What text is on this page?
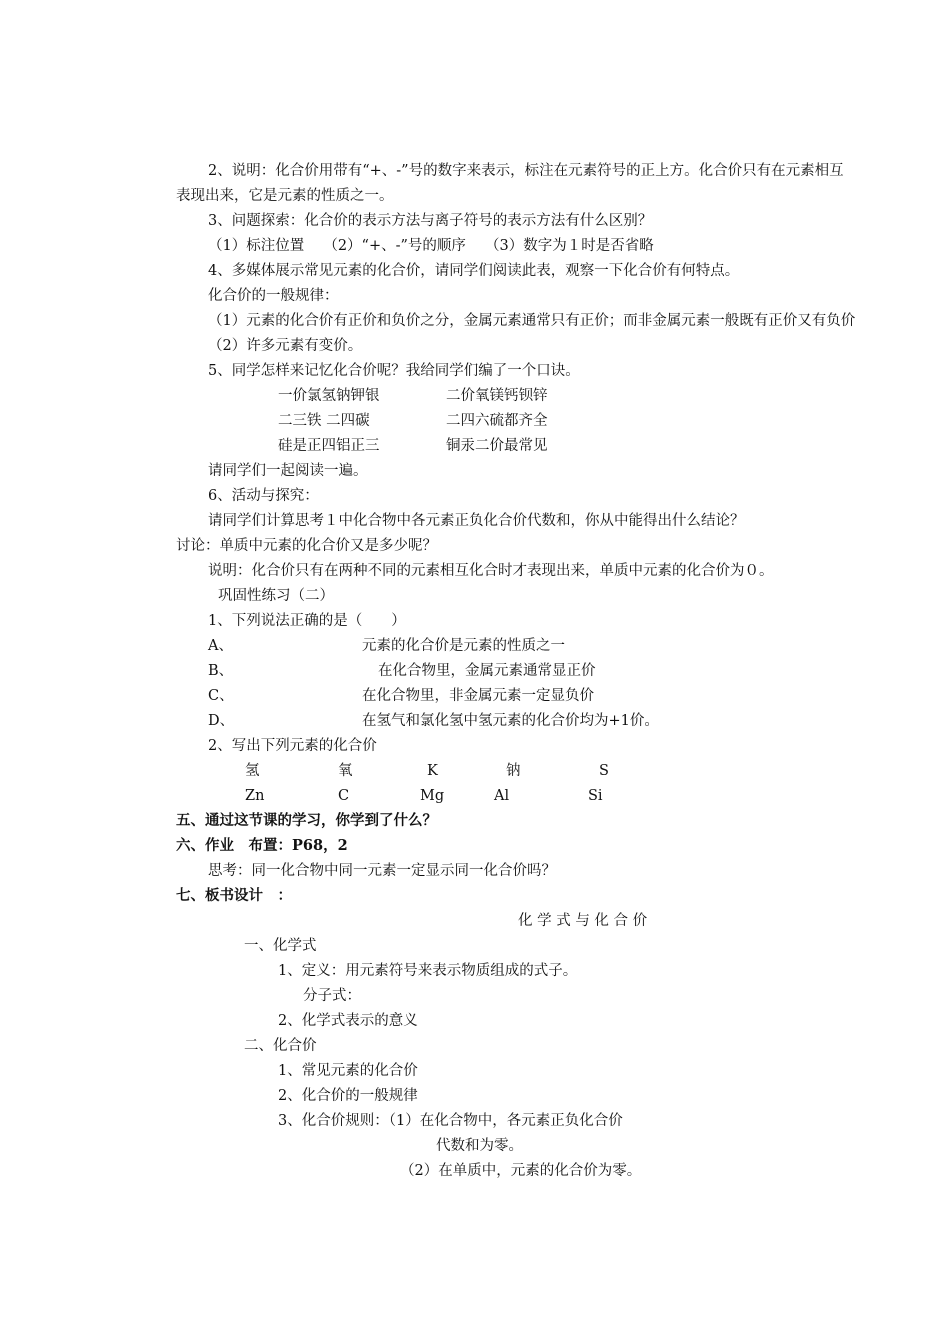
2、说明：化合价用带有“+、-”号的数字来表示，标注在元素符号的正上方。化合价只有在元素相互
表现出来，它是元素的性质之一。
3、问题探索：化合价的表示方法与离子符号的表示方法有什么区别？
（1）标注位置　 （2）“+、-”号的顺序　 （3）数字为１时是否省略
4、多媒体展示常见元素的化合价，请同学们阅读此表，观察一下化合价有何特点。
化合价的一般规律：
（1）元素的化合价有正价和负价之分，金属元素通常只有正价；而非金属元素一般既有正价又有负价
（2）许多元素有变价。
5、同学怎样来记忆化合价呢？我给同学们编了一个口诀。
一价氯氢钠钾银	二价氧镁钙钡锌
二三铁 二四碳	二四六硫都齐全
硅是正四铝正三	铜汞二价最常见
请同学们一起阅读一遍。
6、活动与探究：
请同学们计算思考１中化合物中各元素正负化合价代数和，你从中能得出什么结论？
讨论：单质中元素的化合价又是多少呢？
说明：化合价只有在两种不同的元素相互化合时才表现出来，单质中元素的化合价为０。
巩固性练习（二）
1、下列说法正确的是（　　）
A、	元素的化合价是元素的性质之一
B、	在化合物里，金属元素通常显正价
C、	在化合物里，非金属元素一定显负价
D、	在氢气和氯化氢中氢元素的化合价均为+1价。
2、写出下列元素的化合价
氢	氧	K	钠	S
Zn	C	Mg	Al	Si
五、通过这节课的学习，你学到了什么？
六、作业　布置：P68，2
思考：同一化合物中同一元素一定显示同一化合价吗？
七、板书设计　：
化 学 式 与 化 合 价
一、化学式
1、定义：用元素符号来表示物质组成的式子。
分子式：
2、化学式表示的意义
二、化合价
1、常见元素的化合价
2、化合价的一般规律
3、化合价规则：（1）在化合物中，各元素正负化合价
代数和为零。
（2）在单质中，元素的化合价为零。
